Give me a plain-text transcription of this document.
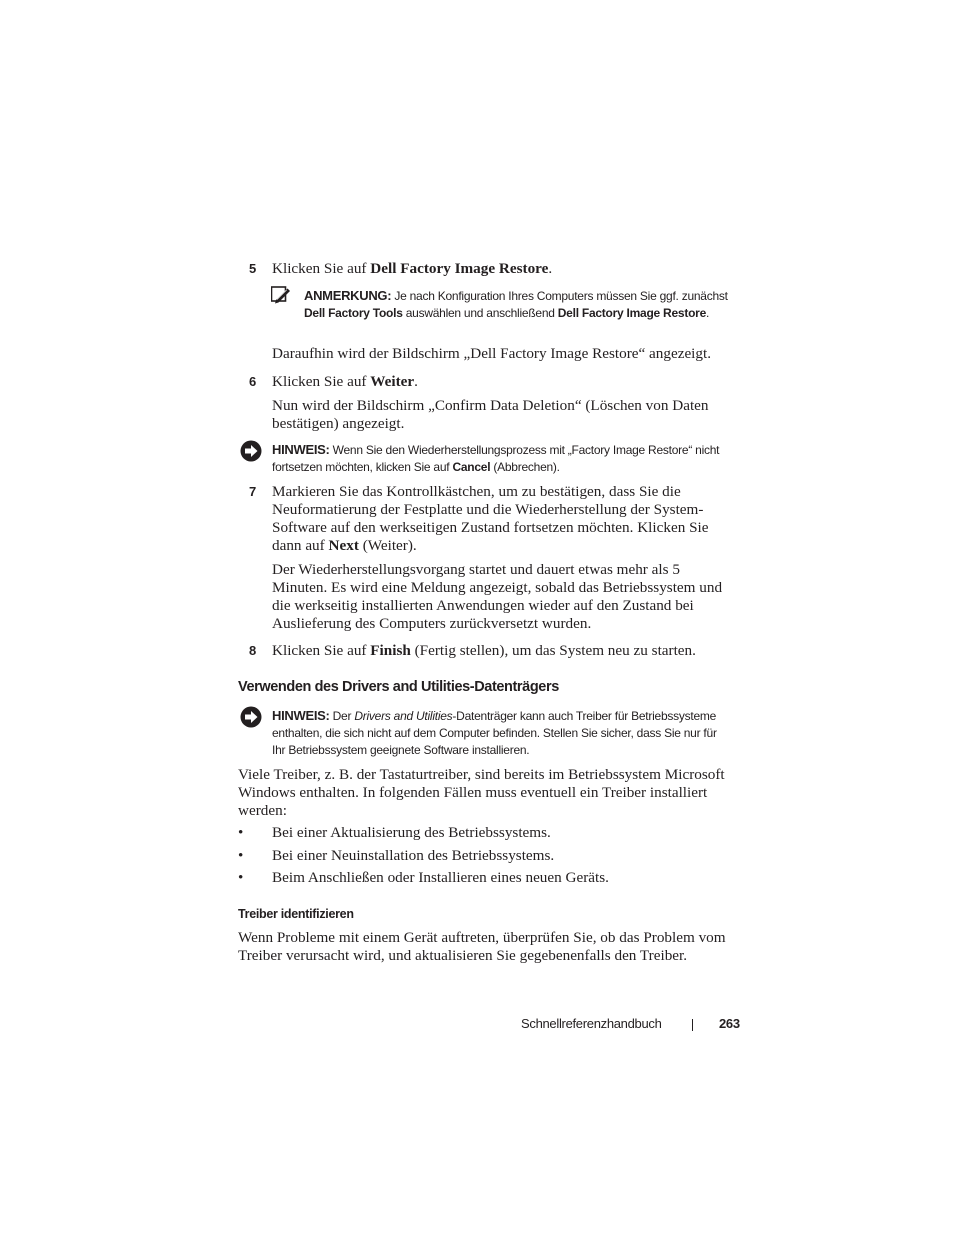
5 Klicken Sie auf Dell Factory Image Restore.

ANMERKUNG: Je nach Konfiguration Ihres Computers müssen Sie ggf. zunächst Dell Factory Tools auswählen und anschließend Dell Factory Image Restore.

Daraufhin wird der Bildschirm „Dell Factory Image Restore“ angezeigt.

6 Klicken Sie auf Weiter.

Nun wird der Bildschirm „Confirm Data Deletion“ (Löschen von Daten bestätigen) angezeigt.

HINWEIS: Wenn Sie den Wiederherstellungsprozess mit „Factory Image Restore“ nicht fortsetzen möchten, klicken Sie auf Cancel (Abbrechen).

7 Markieren Sie das Kontrollkästchen, um zu bestätigen, dass Sie die Neuformatierung der Festplatte und die Wiederherstellung der System-Software auf den werkseitigen Zustand fortsetzen möchten. Klicken Sie dann auf Next (Weiter).

Der Wiederherstellungsvorgang startet und dauert etwas mehr als 5 Minuten. Es wird eine Meldung angezeigt, sobald das Betriebssystem und die werkseitig installierten Anwendungen wieder auf den Zustand bei Auslieferung des Computers zurückversetzt wurden.

8 Klicken Sie auf Finish (Fertig stellen), um das System neu zu starten.

Verwenden des Drivers and Utilities-Datenträgers

HINWEIS: Der Drivers and Utilities-Datenträger kann auch Treiber für Betriebssysteme enthalten, die sich nicht auf dem Computer befinden. Stellen Sie sicher, dass Sie nur für Ihr Betriebssystem geeignete Software installieren.

Viele Treiber, z. B. der Tastaturtreiber, sind bereits im Betriebssystem Microsoft Windows enthalten. In folgenden Fällen muss eventuell ein Treiber installiert werden:

• Bei einer Aktualisierung des Betriebssystems.
• Bei einer Neuinstallation des Betriebssystems.
• Beim Anschließen oder Installieren eines neuen Geräts.
Treiber identifizieren

Wenn Probleme mit einem Gerät auftreten, überprüfen Sie, ob das Problem vom Treiber verursacht wird, und aktualisieren Sie gegebenenfalls den Treiber.

Schnellreferenzhandbuch	263
